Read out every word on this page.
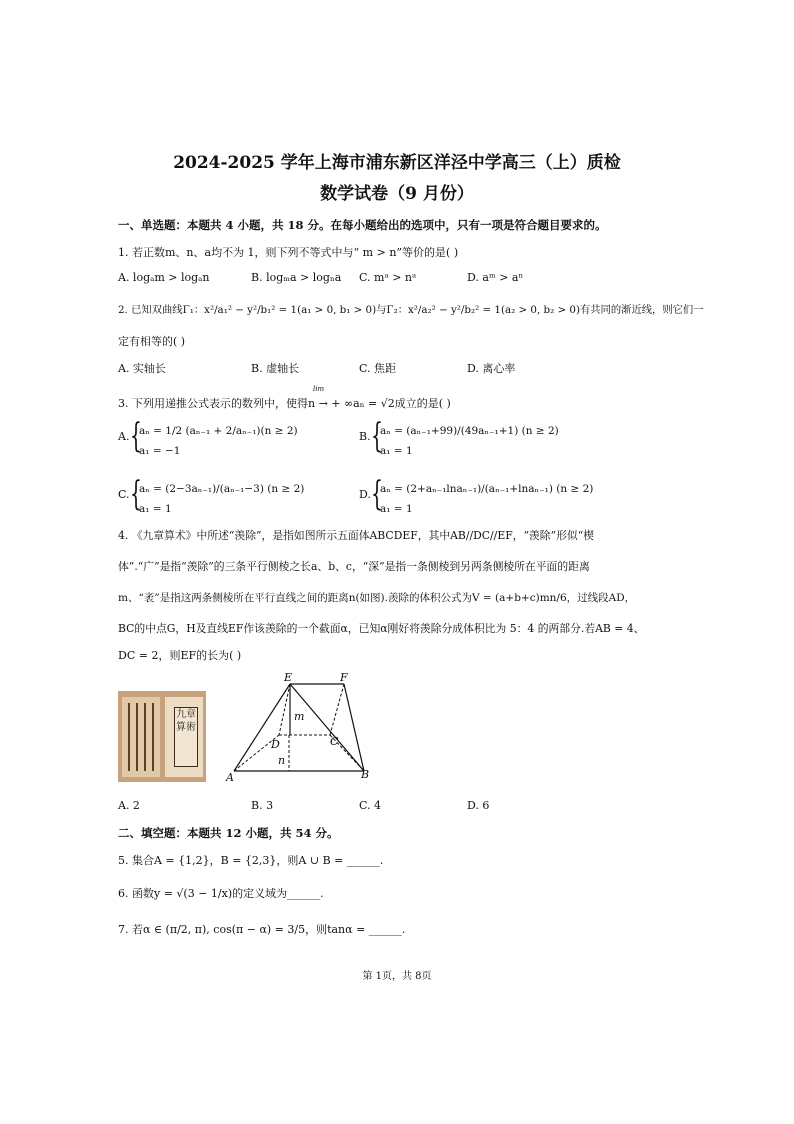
2024-2025 学年上海市浦东新区洋泾中学高三（上）质检
数学试卷（9 月份）
一、单选题：本题共 4 小题，共 18 分。在每小题给出的选项中，只有一项是符合题目要求的。
1. 若正数m、n、a均不为 1，则下列不等式中与“ m > n”等价的是( )
A. logₐm > logₐn	B. logₘa > logₙa C. mᵃ > nᵃ	D. aᵐ > aⁿ
2. 已知双曲线Γ₁：x²/a₁² − y²/b₁² = 1(a₁ > 0, b₁ > 0)与Γ₂：x²/a₂² − y²/b₂² = 1(a₂ > 0, b₂ > 0)有共同的渐近线，则它们一
定有相等的( )
A. 实轴长	B. 虚轴长	C. 焦距	D. 离心率
lim
3. 下列用递推公式表示的数列中，使得n → + ∞aₙ = √2成立的是( )
A. {
aₙ = 1/2 (aₙ₋₁ + 2/aₙ₋₁)(n ≥ 2)
a₁ = −1
B. {
aₙ = (aₙ₋₁+99)/(49aₙ₋₁+1) (n ≥ 2)
a₁ = 1
C. {
aₙ = (2−3aₙ₋₁)/(aₙ₋₁−3) (n ≥ 2)
a₁ = 1
D. {
aₙ = (2+aₙ₋₁lnaₙ₋₁)/(aₙ₋₁+lnaₙ₋₁) (n ≥ 2)
a₁ = 1
4. 《九章算术》中所述“羡除”，是指如图所示五面体ABCDEF，其中AB//DC//EF，“羡除”形似“楔
体”.“广”是指“羡除”的三条平行侧棱之长a、b、c，“深”是指一条侧棱到另两条侧棱所在平面的距离
m、“袤”是指这两条侧棱所在平行直线之间的距离n(如图).羡除的体积公式为V = (a+b+c)mn/6，过线段AD，
BC的中点G，H及直线EF作该羡除的一个截面α，已知α刚好将羡除分成体积比为 5：4 的两部分.若AB = 4、
DC = 2，则EF的长为( )
九章算術
E	F
m
D	C
n
A	B
A. 2	B. 3	C. 4	D. 6
二、填空题：本题共 12 小题，共 54 分。
5. 集合A = {1,2}，B = {2,3}，则A ∪ B = ______.
6. 函数y = √(3 − 1/x)的定义域为______.
7. 若α ∈ (π/2, π), cos(π − α) = 3/5，则tanα = ______.
第 1页，共 8页
